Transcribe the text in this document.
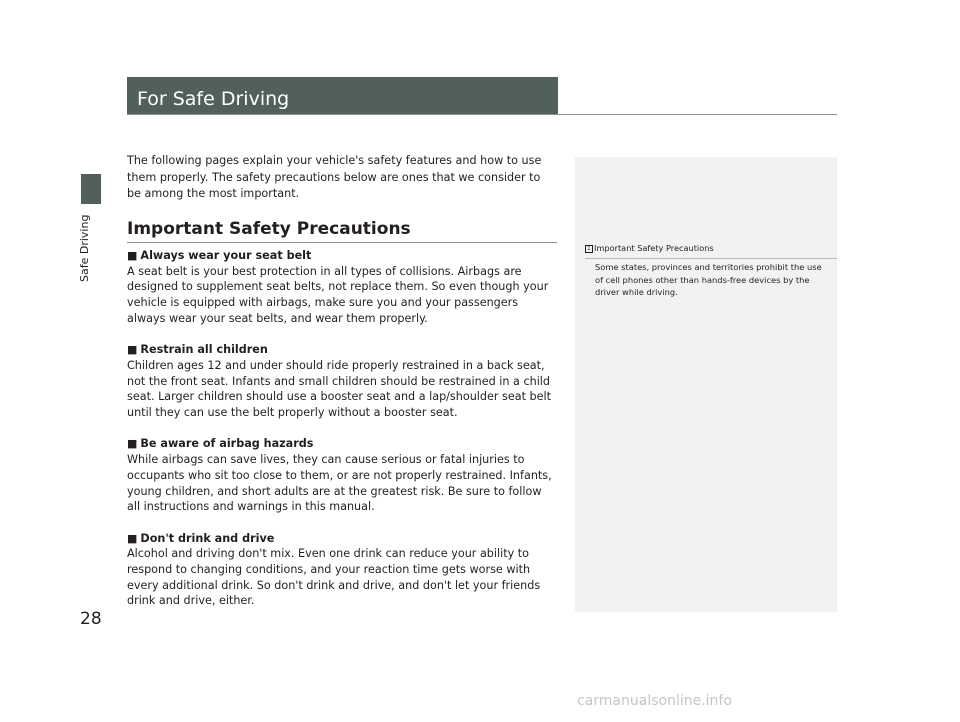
Safe Driving
28
For Safe Driving

The following pages explain your vehicle's safety features and how to use them properly. The safety precautions below are ones that we consider to be among the most important.

Important Safety Precautions
■ Always wear your seat belt

A seat belt is your best protection in all types of collisions. Airbags are designed to supplement seat belts, not replace them. So even though your vehicle is equipped with airbags, make sure you and your passengers always wear your seat belts, and wear them properly.

■ Restrain all children

Children ages 12 and under should ride properly restrained in a back seat, not the front seat. Infants and small children should be restrained in a child seat. Larger children should use a booster seat and a lap/shoulder seat belt until they can use the belt properly without a booster seat.

■ Be aware of airbag hazards

While airbags can save lives, they can cause serious or fatal injuries to occupants who sit too close to them, or are not properly restrained. Infants, young children, and short adults are at the greatest risk. Be sure to follow all instructions and warnings in this manual.

■ Don't drink and drive

Alcohol and driving don't mix. Even one drink can reduce your ability to respond to changing conditions, and your reaction time gets worse with every additional drink. So don't drink and drive, and don't let your friends drink and drive, either.

1 Important Safety Precautions
Some states, provinces and territories prohibit the use of cell phones other than hands-free devices by the driver while driving.
carmanualsonline.info
